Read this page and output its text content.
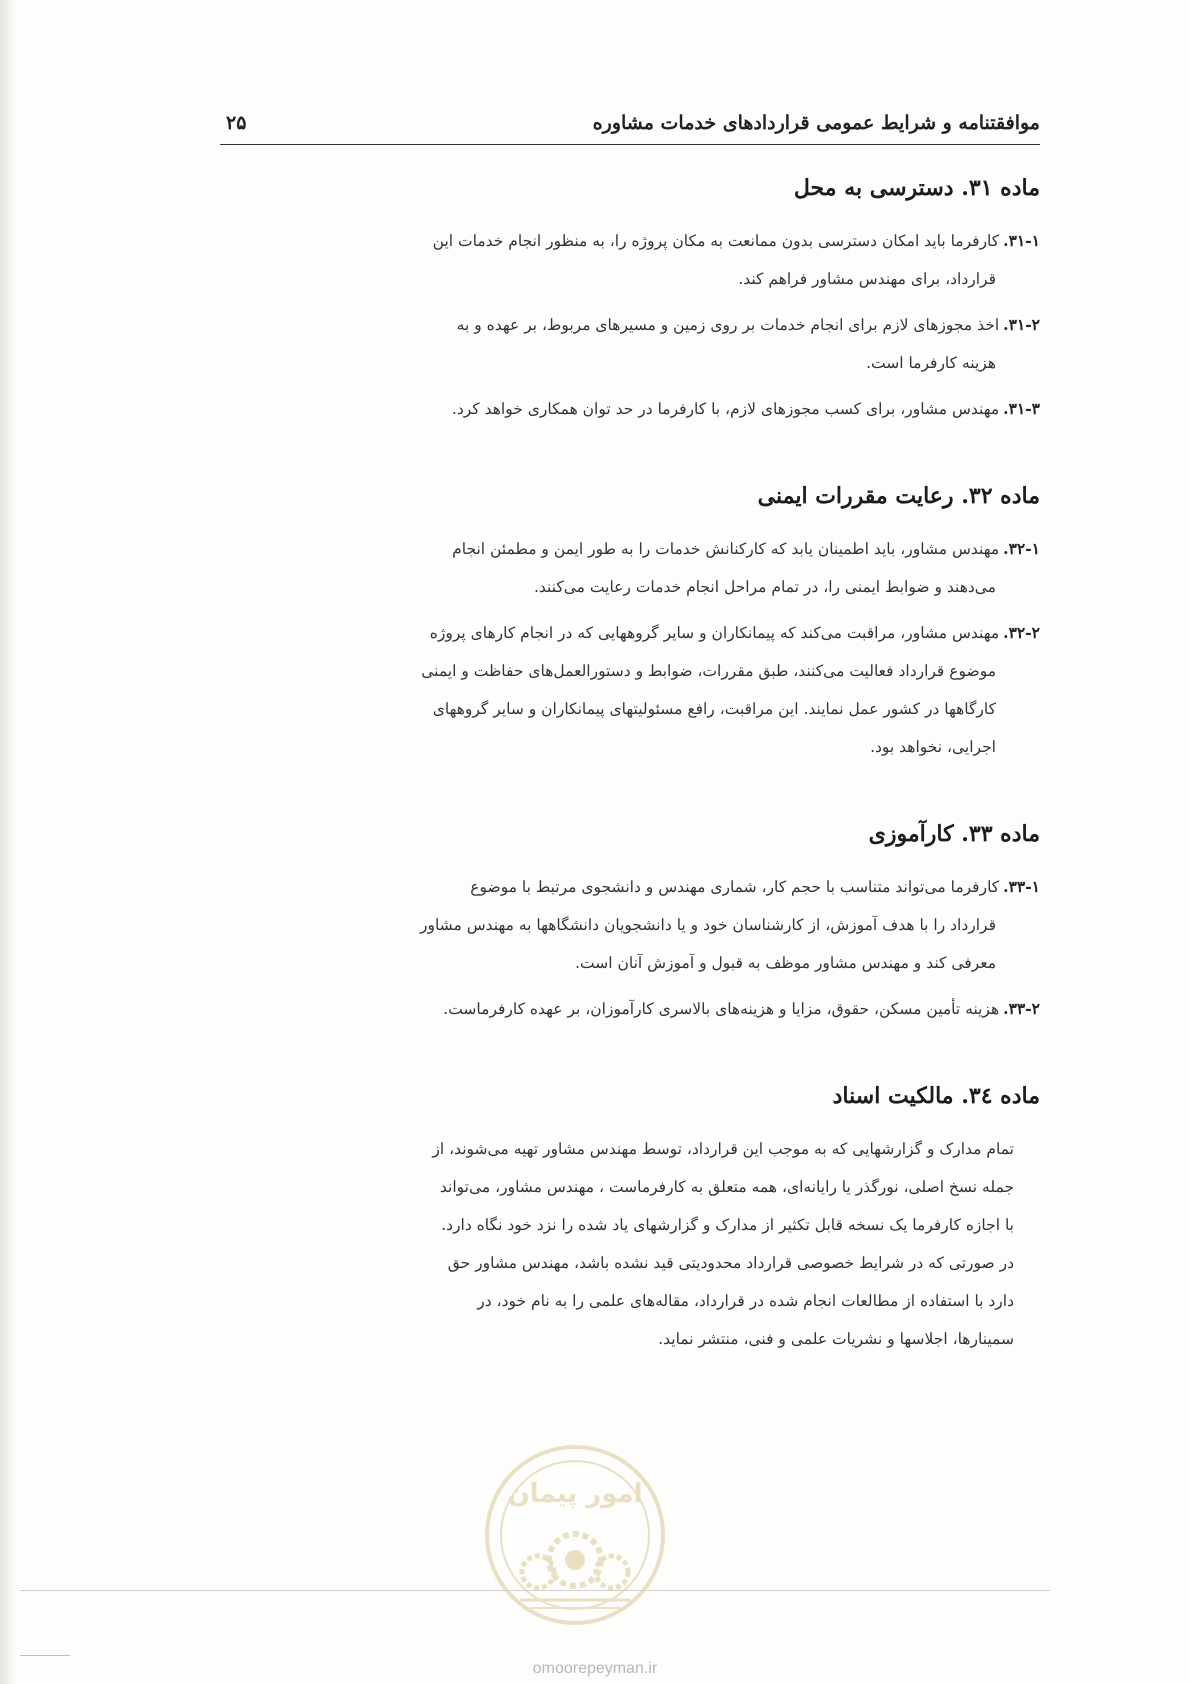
موافقتنامه و شرایط عمومی قراردادهای خدمات مشاوره
۲۵
ماده ۳۱. دسترسی به محل
۳۱-۱.کارفرما باید امکان دسترسی بدون ممانعت به مکان پروژه را، به منظور انجام خدمات این
قرارداد، برای مهندس مشاور فراهم کند.
۳۱-۲.اخذ مجوزهای لازم برای انجام خدمات بر روی زمین و مسیرهای مربوط، بر عهده و به
هزینه کارفرما است.
۳۱-۳.مهندس مشاور، برای کسب مجوزهای لازم، با کارفرما در حد توان همکاری خواهد کرد.
ماده ۳۲. رعایت مقررات ایمنی
۳۲-۱.مهندس مشاور، باید اطمینان یابد که کارکنانش خدمات را به طور ایمن و مطمئن انجام
می‌دهند و ضوابط ایمنی را، در تمام مراحل انجام خدمات رعایت می‌کنند.
۳۲-۲.مهندس مشاور، مراقبت می‌کند که پیمانکاران و سایر گروههایی که در انجام کارهای پروژه
موضوع قرارداد فعالیت می‌کنند، طبق مقررات، ضوابط و دستورالعمل‌های حفاظت و ایمنی
کارگاهها در کشور عمل نمایند. این مراقبت، رافع مسئولیتهای پیمانکاران و سایر گروههای
اجرایی، نخواهد بود.
ماده ۳۳. کارآموزی
۳۳-۱.کارفرما می‌تواند متناسب با حجم کار، شماری مهندس و دانشجوی مرتبط با موضوع
قرارداد را با هدف آموزش، از کارشناسان خود و یا دانشجویان دانشگاهها به مهندس مشاور
معرفی کند و مهندس مشاور موظف به قبول و آموزش آنان است.
۳۳-۲.هزینه تأمین مسکن، حقوق، مزایا و هزینه‌های بالاسری کارآموزان، بر عهده کارفرماست.
ماده ۳٤. مالکیت اسناد
تمام مدارک و گزارشهایی که به موجب این قرارداد، توسط مهندس مشاور تهیه می‌شوند، از
جمله نسخ اصلی، نورگذر یا رایانه‌ای، همه متعلق به کارفرماست ، مهندس مشاور، می‌تواند
با اجازه کارفرما یک نسخه قابل تکثیر از مدارک و گزارشهای یاد شده را نزد خود نگاه دارد.
در صورتی که در شرایط خصوصی قرارداد محدودیتی قید نشده باشد، مهندس مشاور حق
دارد با استفاده از مطالعات انجام شده در قرارداد، مقاله‌های علمی را به نام خود، در
سمینارها، اجلاسها و نشریات علمی و فنی، منتشر نماید.
امور پیمان
omoorepeyman.ir
